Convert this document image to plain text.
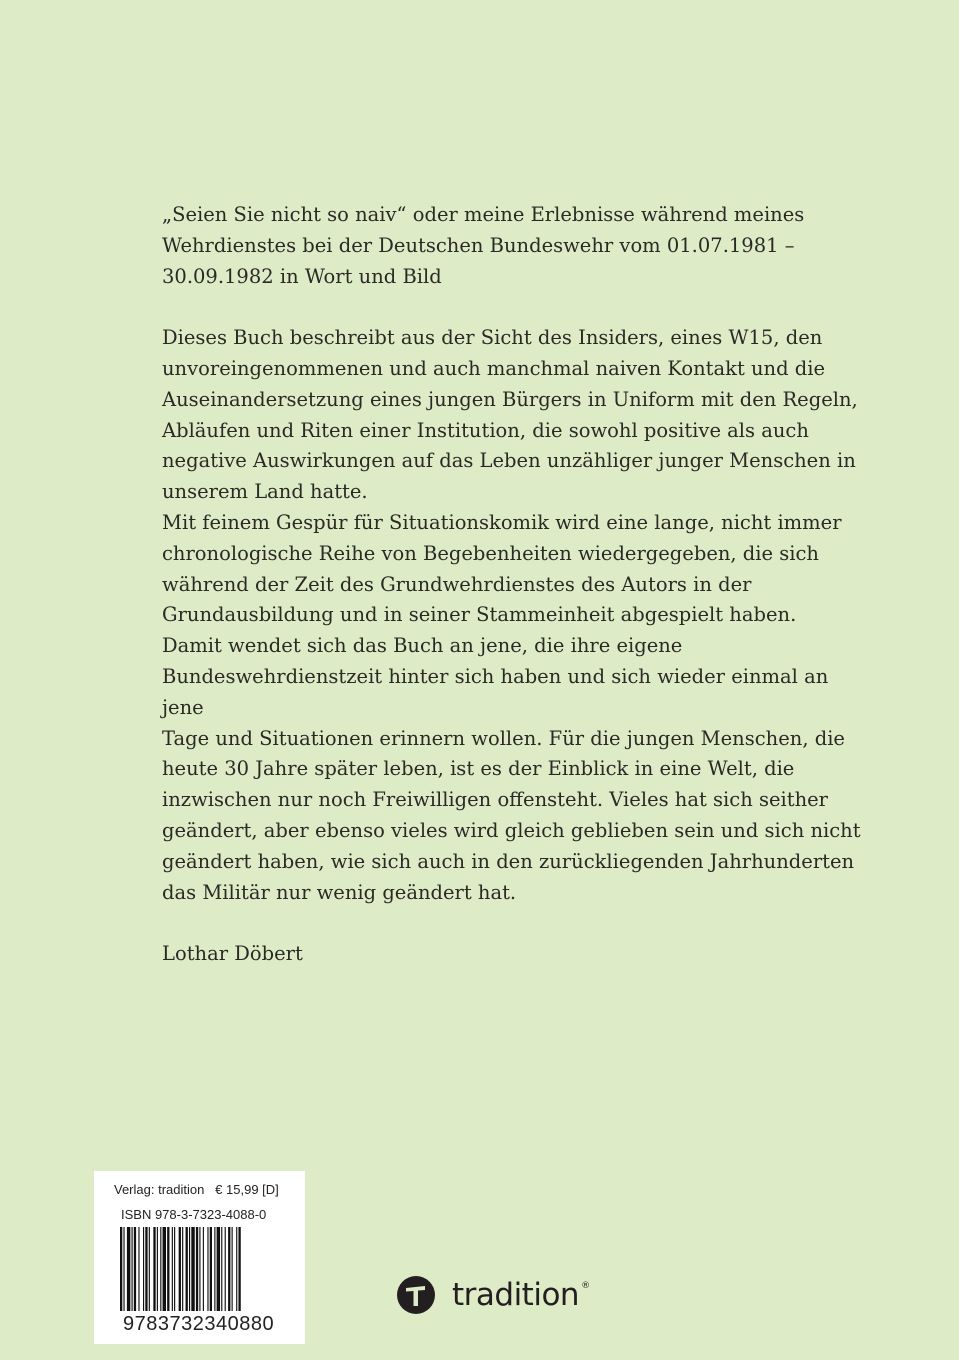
„Seien Sie nicht so naiv“ oder meine Erlebnisse während meines
Wehrdienstes bei der Deutschen Bundeswehr vom 01.07.1981 –
30.09.1982 in Wort und Bild

Dieses Buch beschreibt aus der Sicht des Insiders, eines W15, den
unvoreingenommenen und auch manchmal naiven Kontakt und die
Auseinandersetzung eines jungen Bürgers in Uniform mit den Regeln,
Abläufen und Riten einer Institution, die sowohl positive als auch
negative Auswirkungen auf das Leben unzähliger junger Menschen in
unserem Land hatte.

Mit feinem Gespür für Situationskomik wird eine lange, nicht immer
chronologische Reihe von Begebenheiten wiedergegeben, die sich
während der Zeit des Grundwehrdienstes des Autors in der
Grundausbildung und in seiner Stammeinheit abgespielt haben.

Damit wendet sich das Buch an jene, die ihre eigene
Bundeswehrdienstzeit hinter sich haben und sich wieder einmal an jene
Tage und Situationen erinnern wollen. Für die jungen Menschen, die
heute 30 Jahre später leben, ist es der Einblick in eine Welt, die
inzwischen nur noch Freiwilligen offensteht. Vieles hat sich seither
geändert, aber ebenso vieles wird gleich geblieben sein und sich nicht
geändert haben, wie sich auch in den zurückliegenden Jahrhunderten
das Militär nur wenig geändert hat.

Lothar Döbert

Verlag: tradition   € 15,99 [D]
ISBN 978-3-7323-4088-0
9783732340880
tradition ®
